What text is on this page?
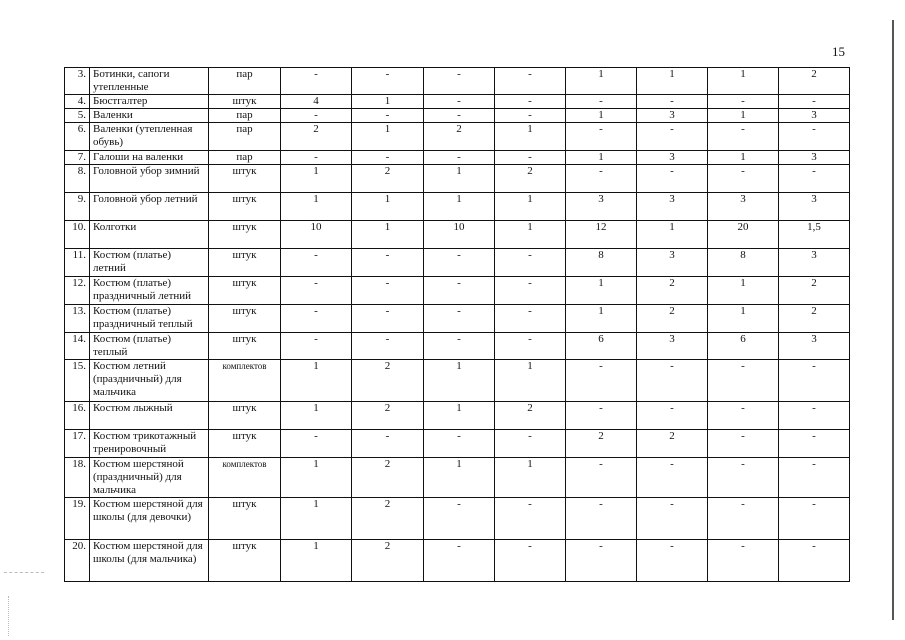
15
3.	Ботинки, сапоги утепленные	пар	-	-	-	-	1	1	1	2
4.	Бюстгалтер	штук	4	1	-	-	-	-	-	-
5.	Валенки	пар	-	-	-	-	1	3	1	3
6.	Валенки (утепленная обувь)	пар	2	1	2	1	-	-	-	-
7.	Галоши на валенки	пар	-	-	-	-	1	3	1	3
8.	Головной убор зимний	штук	1	2	1	2	-	-	-	-
9.	Головной убор летний	штук	1	1	1	1	3	3	3	3
10.	Колготки	штук	10	1	10	1	12	1	20	1,5
11.	Костюм (платье) летний	штук	-	-	-	-	8	3	8	3
12.	Костюм (платье) праздничный летний	штук	-	-	-	-	1	2	1	2
13.	Костюм (платье) праздничный теплый	штук	-	-	-	-	1	2	1	2
14.	Костюм (платье) теплый	штук	-	-	-	-	6	3	6	3
15.	Костюм летний (праздничный) для мальчика	комплектов	1	2	1	1	-	-	-	-
16.	Костюм лыжный	штук	1	2	1	2	-	-	-	-
17.	Костюм трикотажный тренировочный	штук	-	-	-	-	2	2	-	-
18.	Костюм шерстяной (праздничный) для мальчика	комплектов	1	2	1	1	-	-	-	-
19.	Костюм шерстяной для школы (для девочки)	штук	1	2	-	-	-	-	-	-
20.	Костюм шерстяной для школы (для мальчика)	штук	1	2	-	-	-	-	-	-
